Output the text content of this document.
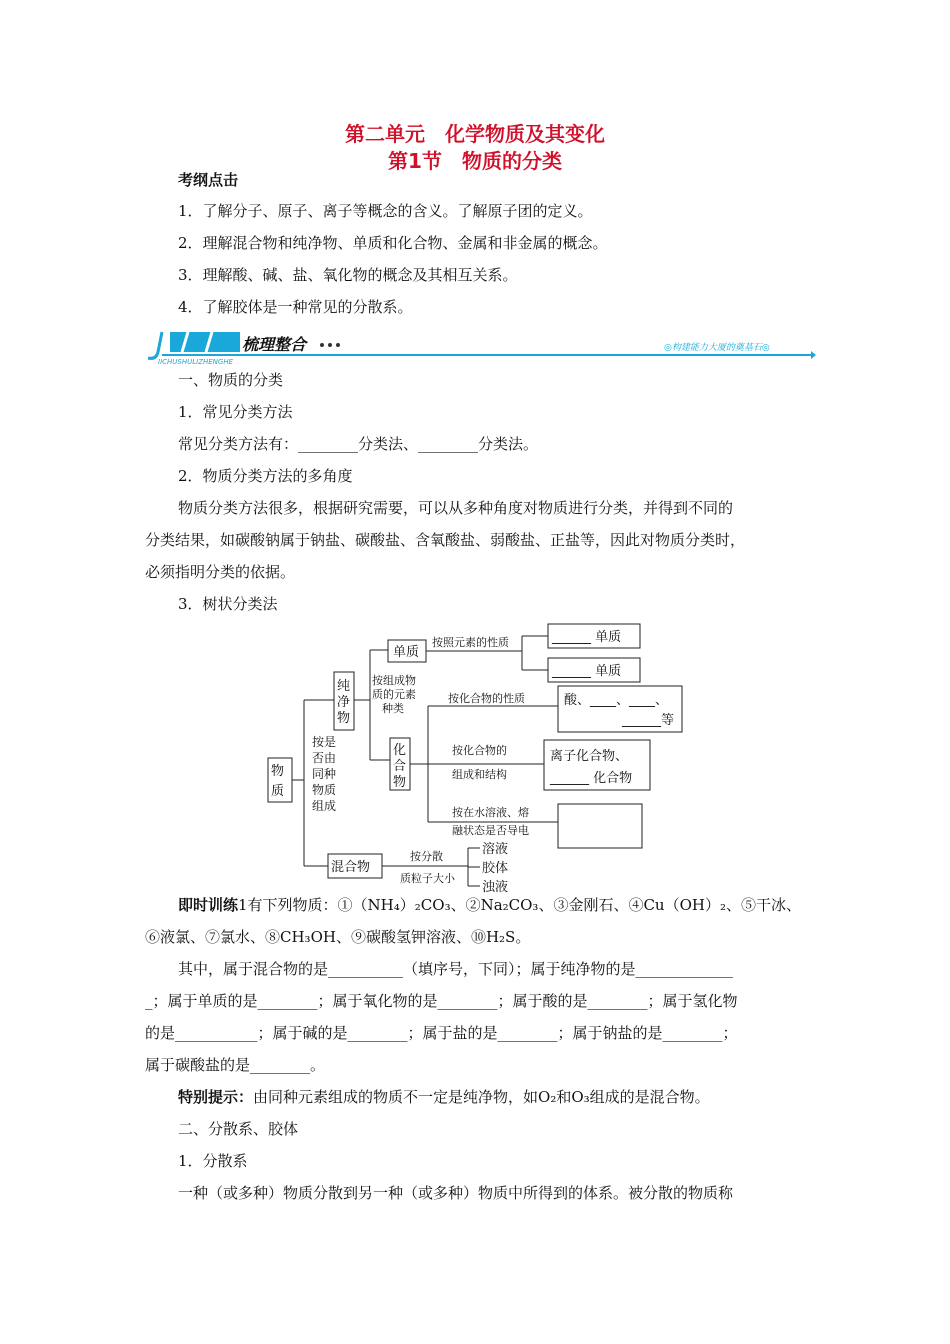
第二单元　化学物质及其变化
第1节　物质的分类
考纲点击
1．了解分子、原子、离子等概念的含义。了解原子团的定义。
2．理解混合物和纯净物、单质和化合物、金属和非金属的概念。
3．理解酸、碱、盐、氧化物的概念及其相互关系。
4．了解胶体是一种常见的分散系。
JICHUSHULIZHENGHE
梳理整合	◎构建能力大厦的奠基石◎
一、物质的分类
1．常见分类方法
常见分类方法有：________分类法、________分类法。
2．物质分类方法的多角度
物质分类方法很多，根据研究需要，可以从多种角度对物质进行分类，并得到不同的
分类结果，如碳酸钠属于钠盐、碳酸盐、含氧酸盐、弱酸盐、正盐等，因此对物质分类时，
必须指明分类的依据。
3．树状分类法
物
质
按是
否由
同种
物质
组成
纯
净
物
混合物
按组成物
质的元素
种类
单质
化
合
物
按照元素的性质	______ 单质
______ 单质
按化合物的性质	酸、____、____、
______等
按化合物的
组成和结构
离子化合物、
______ 化合物
按在水溶液、熔
融状态是否导电
按分散
质粒子大小
溶液
胶体
浊液
即时训练1有下列物质：①（NH₄）₂CO₃、②Na₂CO₃、③金刚石、④Cu（OH）₂、⑤干冰、
⑥液氯、⑦氯水、⑧CH₃OH、⑨碳酸氢钾溶液、⑩H₂S。
其中，属于混合物的是__________（填序号，下同）；属于纯净物的是_____________
_；属于单质的是________；属于氧化物的是________；属于酸的是________；属于氢化物
的是___________；属于碱的是________；属于盐的是________；属于钠盐的是________；
属于碳酸盐的是________。
特别提示：由同种元素组成的物质不一定是纯净物，如O₂和O₃组成的是混合物。
二、分散系、胶体
1．分散系
一种（或多种）物质分散到另一种（或多种）物质中所得到的体系。被分散的物质称
